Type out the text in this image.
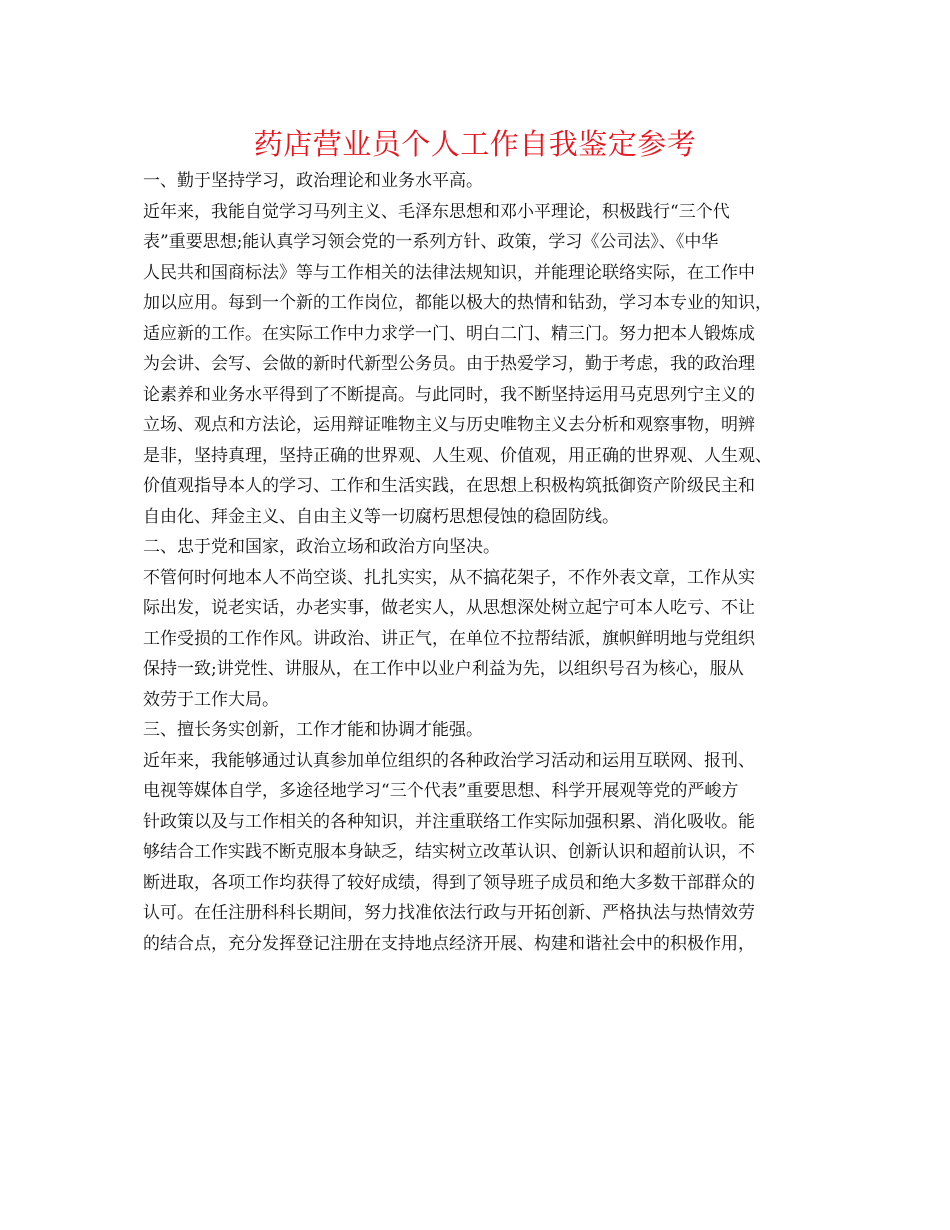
药店营业员个人工作自我鉴定参考
一、勤于坚持学习，政治理论和业务水平高。
近年来，我能自觉学习马列主义、毛泽东思想和邓小平理论，积极践行“三个代
表”重要思想;能认真学习领会党的一系列方针、政策，学习《公司法》、《中华
人民共和国商标法》等与工作相关的法律法规知识，并能理论联络实际，在工作中
加以应用。每到一个新的工作岗位，都能以极大的热情和钻劲，学习本专业的知识，
适应新的工作。在实际工作中力求学一门、明白二门、精三门。努力把本人锻炼成
为会讲、会写、会做的新时代新型公务员。由于热爱学习，勤于考虑，我的政治理
论素养和业务水平得到了不断提高。与此同时，我不断坚持运用马克思列宁主义的
立场、观点和方法论，运用辩证唯物主义与历史唯物主义去分析和观察事物，明辨
是非，坚持真理，坚持正确的世界观、人生观、价值观，用正确的世界观、人生观、
价值观指导本人的学习、工作和生活实践，在思想上积极构筑抵御资产阶级民主和
自由化、拜金主义、自由主义等一切腐朽思想侵蚀的稳固防线。
二、忠于党和国家，政治立场和政治方向坚决。
不管何时何地本人不尚空谈、扎扎实实，从不搞花架子，不作外表文章，工作从实
际出发，说老实话，办老实事，做老实人，从思想深处树立起宁可本人吃亏、不让
工作受损的工作作风。讲政治、讲正气，在单位不拉帮结派，旗帜鲜明地与党组织
保持一致;讲党性、讲服从，在工作中以业户利益为先，以组织号召为核心，服从
效劳于工作大局。
三、擅长务实创新，工作才能和协调才能强。
近年来，我能够通过认真参加单位组织的各种政治学习活动和运用互联网、报刊、
电视等媒体自学，多途径地学习“三个代表”重要思想、科学开展观等党的严峻方
针政策以及与工作相关的各种知识，并注重联络工作实际加强积累、消化吸收。能
够结合工作实践不断克服本身缺乏，结实树立改革认识、创新认识和超前认识，不
断进取，各项工作均获得了较好成绩，得到了领导班子成员和绝大多数干部群众的
认可。在任注册科科长期间，努力找准依法行政与开拓创新、严格执法与热情效劳
的结合点，充分发挥登记注册在支持地点经济开展、构建和谐社会中的积极作用，
